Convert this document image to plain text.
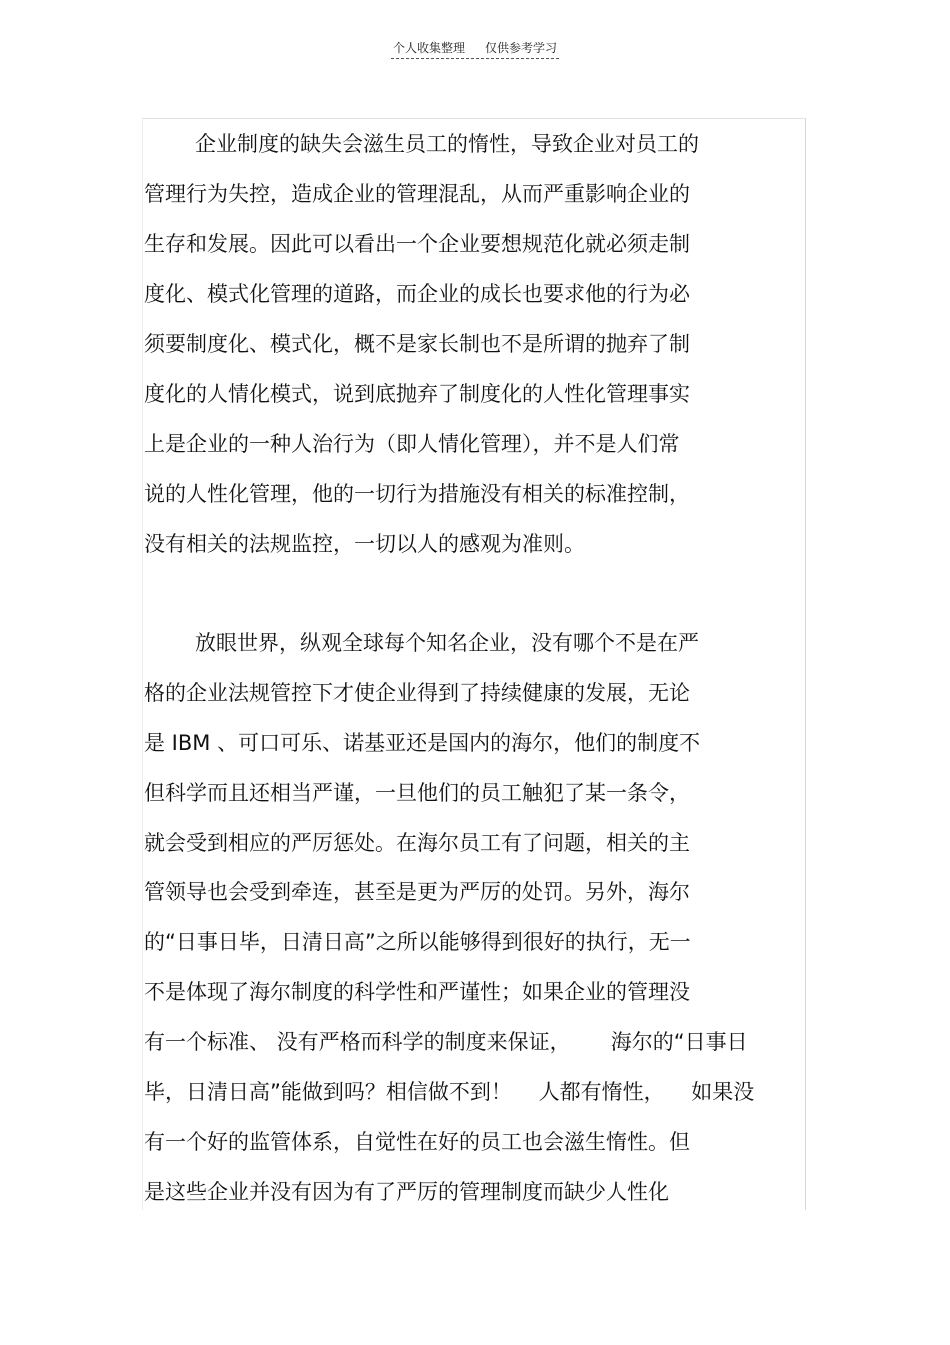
个人收集整理 仅供参考学习
企业制度的缺失会滋生员工的惰性，导致企业对员工的
管理行为失控，造成企业的管理混乱，从而严重影响企业的
生存和发展。因此可以看出一个企业要想规范化就必须走制
度化、模式化管理的道路，而企业的成长也要求他的行为必
须要制度化、模式化，概不是家长制也不是所谓的抛弃了制
度化的人情化模式，说到底抛弃了制度化的人性化管理事实
上是企业的一种人治行为（即人情化管理），并不是人们常
说的人性化管理，他的一切行为措施没有相关的标准控制，
没有相关的法规监控，一切以人的感观为准则。
放眼世界，纵观全球每个知名企业，没有哪个不是在严
格的企业法规管控下才使企业得到了持续健康的发展，无论
是 IBM 、可口可乐、诺基亚还是国内的海尔，他们的制度不
但科学而且还相当严谨，一旦他们的员工触犯了某一条令，
就会受到相应的严厉惩处。在海尔员工有了问题，相关的主
管领导也会受到牵连，甚至是更为严厉的处罚。另外，海尔
的“日事日毕，日清日高”之所以能够得到很好的执行，无一
不是体现了海尔制度的科学性和严谨性；如果企业的管理没
有一个标准、 没有严格而科学的制度来保证，      海尔的“日事日
毕，日清日高”能做到吗？相信做不到！    人都有惰性，    如果没
有一个好的监管体系，自觉性在好的员工也会滋生惰性。但
是这些企业并没有因为有了严厉的管理制度而缺少人性化
